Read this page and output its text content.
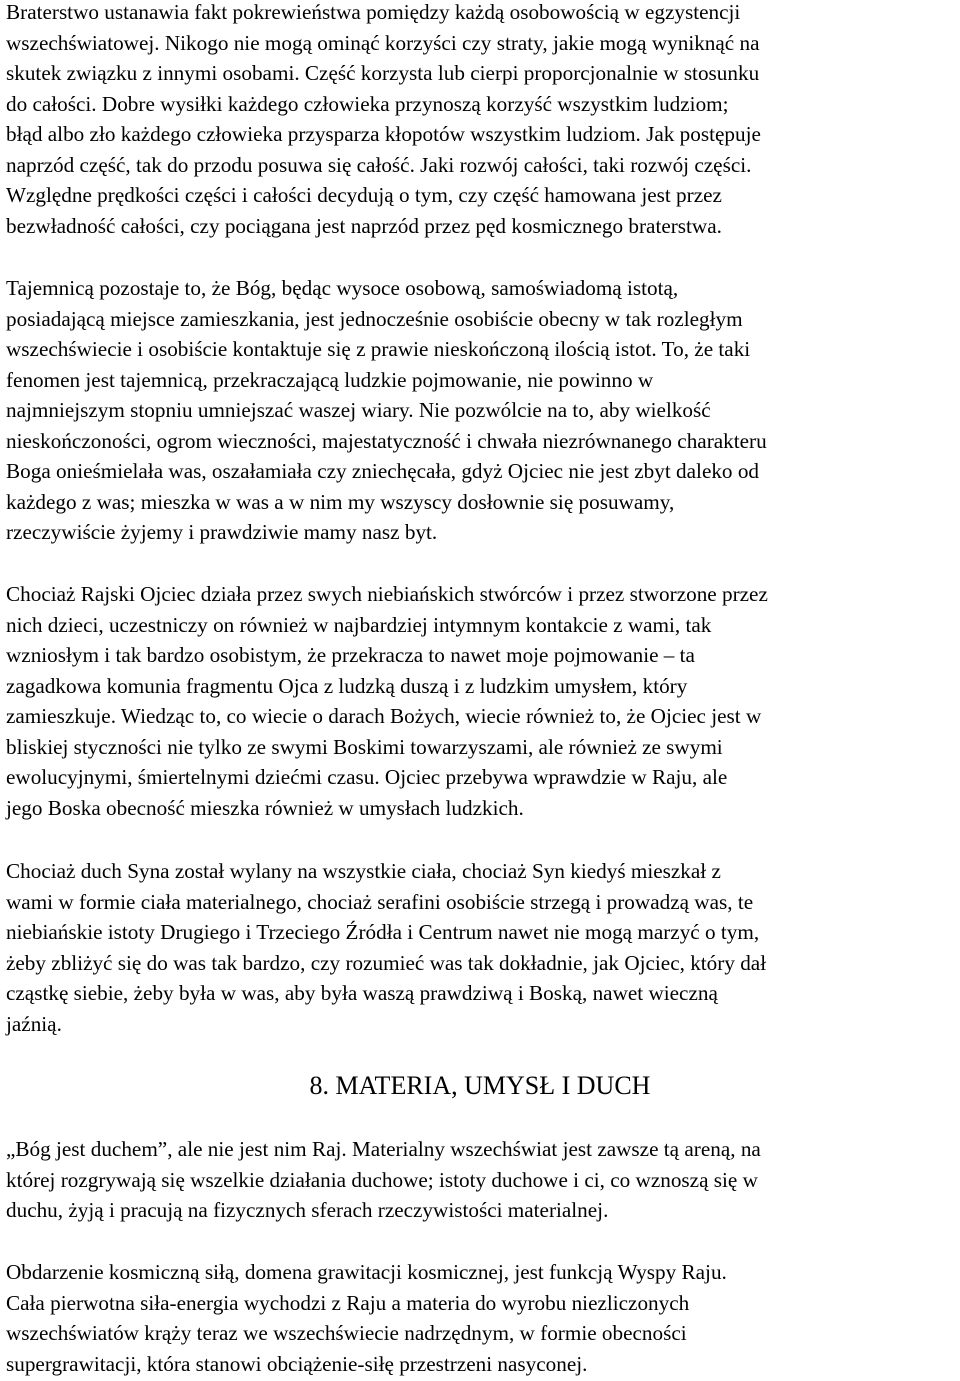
Braterstwo ustanawia fakt pokrewieństwa pomiędzy każdą osobowością w egzystencji
wszechświatowej. Nikogo nie mogą ominąć korzyści czy straty, jakie mogą wyniknąć na
skutek związku z innymi osobami. Część korzysta lub cierpi proporcjonalnie w stosunku
do całości. Dobre wysiłki każdego człowieka przynoszą korzyść wszystkim ludziom;
błąd albo zło każdego człowieka przysparza kłopotów wszystkim ludziom. Jak postępuje
naprzód część, tak do przodu posuwa się całość. Jaki rozwój całości, taki rozwój części.
Względne prędkości części i całości decydują o tym, czy część hamowana jest przez
bezwładność całości, czy pociągana jest naprzód przez pęd kosmicznego braterstwa.

Tajemnicą pozostaje to, że Bóg, będąc wysoce osobową, samoświadomą istotą,
posiadającą miejsce zamieszkania, jest jednocześnie osobiście obecny w tak rozległym
wszechświecie i osobiście kontaktuje się z prawie nieskończoną ilością istot. To, że taki
fenomen jest tajemnicą, przekraczającą ludzkie pojmowanie, nie powinno w
najmniejszym stopniu umniejszać waszej wiary. Nie pozwólcie na to, aby wielkość
nieskończoności, ogrom wieczności, majestatyczność i chwała niezrównanego charakteru
Boga onieśmielała was, oszałamiała czy zniechęcała, gdyż Ojciec nie jest zbyt daleko od
każdego z was; mieszka w was a w nim my wszyscy dosłownie się posuwamy,
rzeczywiście żyjemy i prawdziwie mamy nasz byt.

Chociaż Rajski Ojciec działa przez swych niebiańskich stwórców i przez stworzone przez
nich dzieci, uczestniczy on również w najbardziej intymnym kontakcie z wami, tak
wzniosłym i tak bardzo osobistym, że przekracza to nawet moje pojmowanie – ta
zagadkowa komunia fragmentu Ojca z ludzką duszą i z ludzkim umysłem, który
zamieszkuje. Wiedząc to, co wiecie o darach Bożych, wiecie również to, że Ojciec jest w
bliskiej styczności nie tylko ze swymi Boskimi towarzyszami, ale również ze swymi
ewolucyjnymi, śmiertelnymi dziećmi czasu. Ojciec przebywa wprawdzie w Raju, ale
jego Boska obecność mieszka również w umysłach ludzkich.

Chociaż duch Syna został wylany na wszystkie ciała, chociaż Syn kiedyś mieszkał z
wami w formie ciała materialnego, chociaż serafini osobiście strzegą i prowadzą was, te
niebiańskie istoty Drugiego i Trzeciego Źródła i Centrum nawet nie mogą marzyć o tym,
żeby zbliżyć się do was tak bardzo, czy rozumieć was tak dokładnie, jak Ojciec, który dał
cząstkę siebie, żeby była w was, aby była waszą prawdziwą i Boską, nawet wieczną
jaźnią.

8. MATERIA, UMYSŁ I DUCH

„Bóg jest duchem”, ale nie jest nim Raj. Materialny wszechświat jest zawsze tą areną, na
której rozgrywają się wszelkie działania duchowe; istoty duchowe i ci, co wznoszą się w
duchu, żyją i pracują na fizycznych sferach rzeczywistości materialnej.

Obdarzenie kosmiczną siłą, domena grawitacji kosmicznej, jest funkcją Wyspy Raju.
Cała pierwotna siła-energia wychodzi z Raju a materia do wyrobu niezliczonych
wszechświatów krąży teraz we wszechświecie nadrzędnym, w formie obecności
supergrawitacji, która stanowi obciążenie-siłę przestrzeni nasyconej.
